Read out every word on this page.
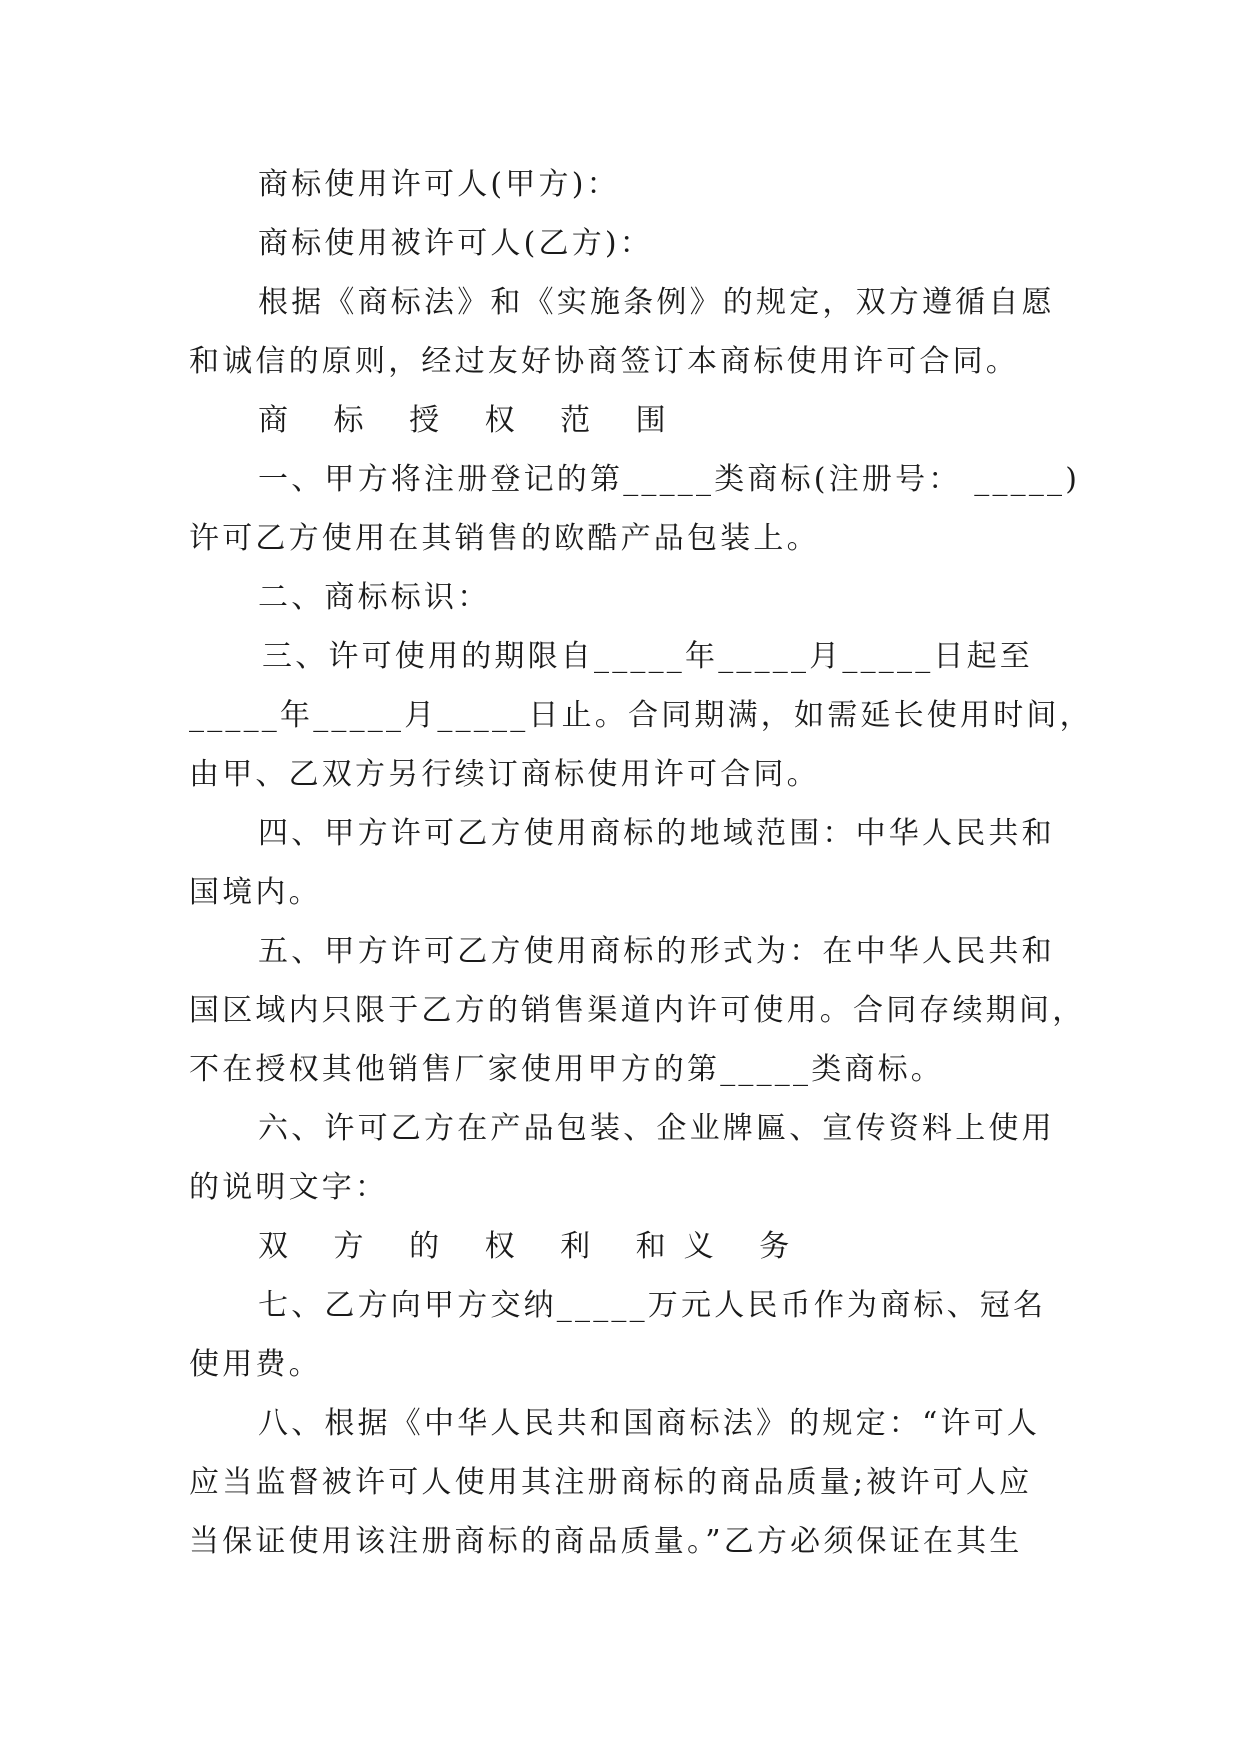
商标使用许可人(甲方)：
商标使用被许可人(乙方)：
根据《商标法》和《实施条例》的规定，双方遵循自愿
和诚信的原则，经过友好协商签订本商标使用许可合同。
商 标 授 权 范 围
一、甲方将注册登记的第_____类商标(注册号： _____)
许可乙方使用在其销售的欧酷产品包装上。
二、商标标识：
三、许可使用的期限自_____年_____月_____日起至
_____年_____月_____日止。合同期满，如需延长使用时间，
由甲、乙双方另行续订商标使用许可合同。
四、甲方许可乙方使用商标的地域范围：中华人民共和
国境内。
五、甲方许可乙方使用商标的形式为：在中华人民共和
国区域内只限于乙方的销售渠道内许可使用。合同存续期间，
不在授权其他销售厂家使用甲方的第_____类商标。
六、许可乙方在产品包装、企业牌匾、宣传资料上使用
的说明文字：
双 方 的 权 利 和义 务
七、乙方向甲方交纳_____万元人民币作为商标、冠名
使用费。
八、根据《中华人民共和国商标法》的规定：“许可人
应当监督被许可人使用其注册商标的商品质量;被许可人应
当保证使用该注册商标的商品质量。”乙方必须保证在其生
